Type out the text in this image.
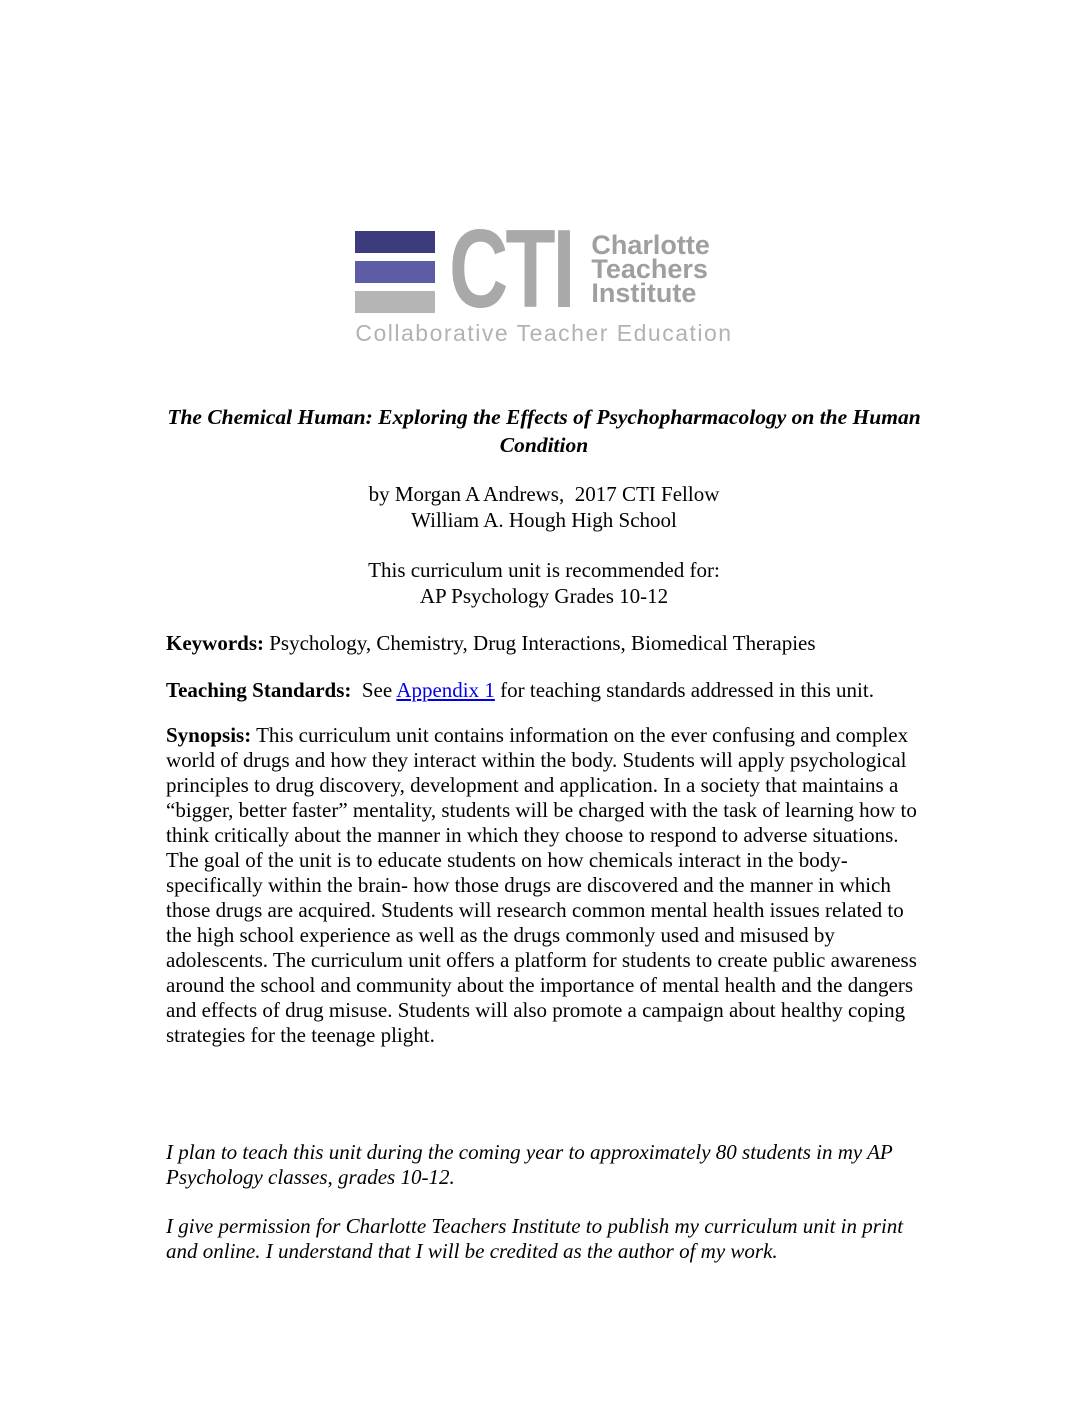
CTI Charlotte
Teachers
Institute
Collaborative Teacher Education
The Chemical Human: Exploring the Effects of Psychopharmacology on the Human
Condition

by Morgan A Andrews,  2017 CTI Fellow
William A. Hough High School

This curriculum unit is recommended for:
AP Psychology Grades 10-12

Keywords: Psychology, Chemistry, Drug Interactions, Biomedical Therapies

Teaching Standards:  See Appendix 1 for teaching standards addressed in this unit.

Synopsis: This curriculum unit contains information on the ever confusing and complex world of drugs and how they interact within the body. Students will apply psychological principles to drug discovery, development and application. In a society that maintains a “bigger, better faster” mentality, students will be charged with the task of learning how to think critically about the manner in which they choose to respond to adverse situations. The goal of the unit is to educate students on how chemicals interact in the body- specifically within the brain- how those drugs are discovered and the manner in which those drugs are acquired. Students will research common mental health issues related to the high school experience as well as the drugs commonly used and misused by adolescents. The curriculum unit offers a platform for students to create public awareness around the school and community about the importance of mental health and the dangers and effects of drug misuse. Students will also promote a campaign about healthy coping strategies for the teenage plight.

I plan to teach this unit during the coming year to approximately 80 students in my AP Psychology classes, grades 10-12.

I give permission for Charlotte Teachers Institute to publish my curriculum unit in print and online. I understand that I will be credited as the author of my work.
